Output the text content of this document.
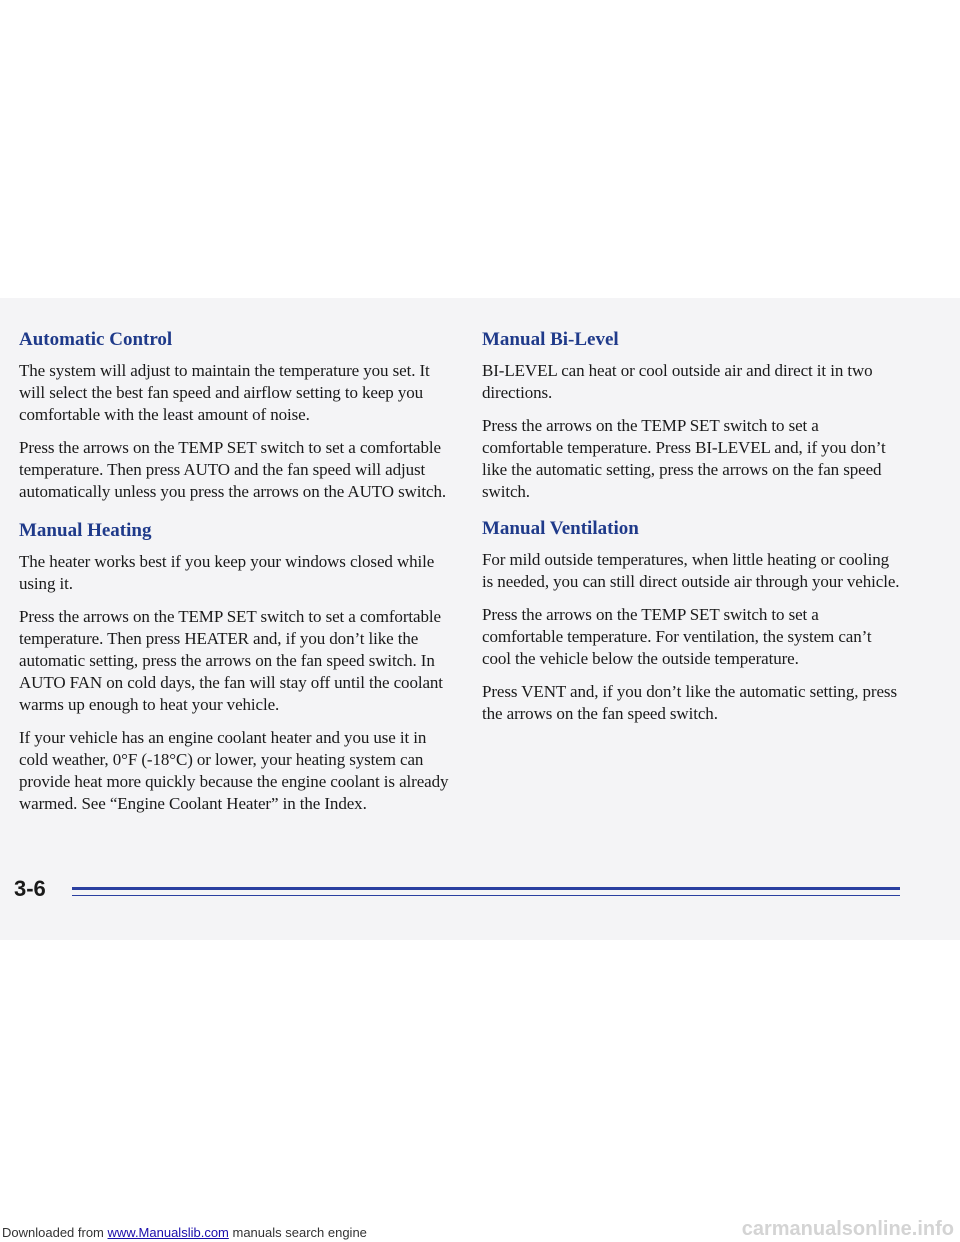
Automatic Control

The system will adjust to maintain the temperature you set. It will select the best fan speed and airflow setting to keep you comfortable with the least amount of noise.

Press the arrows on the TEMP SET switch to set a comfortable temperature. Then press AUTO and the fan speed will adjust automatically unless you press the arrows on the AUTO switch.

Manual Heating

The heater works best if you keep your windows closed while using it.

Press the arrows on the TEMP SET switch to set a comfortable temperature. Then press HEATER and, if you don’t like the automatic setting, press the arrows on the fan speed switch. In AUTO FAN on cold days, the fan will stay off until the coolant warms up enough to heat your vehicle.

If your vehicle has an engine coolant heater and you use it in cold weather, 0°F (-18°C) or lower, your heating system can provide heat more quickly because the engine coolant is already warmed. See “Engine Coolant Heater” in the Index.

Manual Bi-Level

BI-LEVEL can heat or cool outside air and direct it in two directions.

Press the arrows on the TEMP SET switch to set a comfortable temperature. Press BI-LEVEL and, if you don’t like the automatic setting, press the arrows on the fan speed switch.

Manual Ventilation

For mild outside temperatures, when little heating or cooling is needed, you can still direct outside air through your vehicle.

Press the arrows on the TEMP SET switch to set a comfortable temperature. For ventilation, the system can’t cool the vehicle below the outside temperature.

Press VENT and, if you don’t like the automatic setting, press the arrows on the fan speed switch.

3-6
Downloaded from www.Manualslib.com manuals search engine	carmanualsonline.info
